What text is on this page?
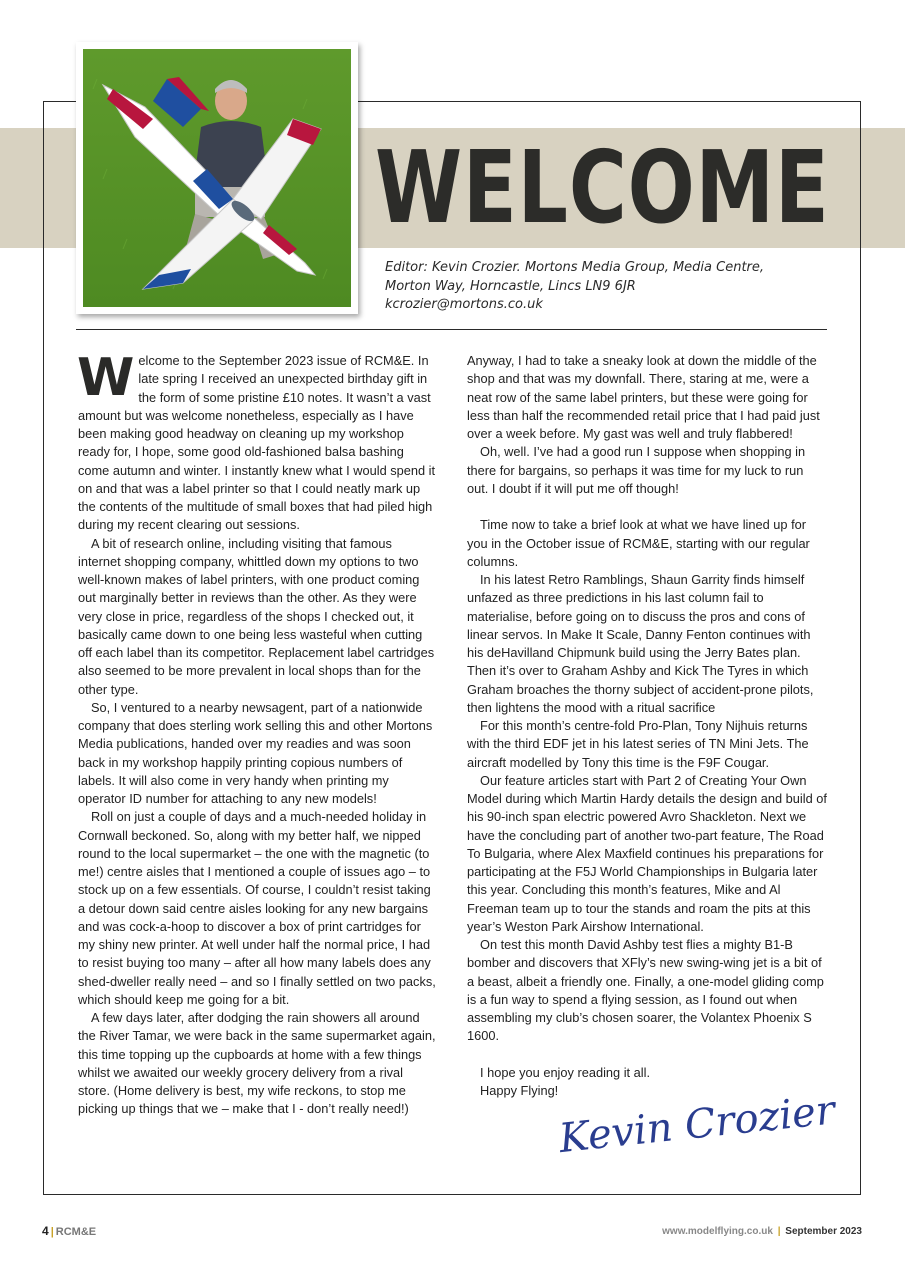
WELCOME
Editor: Kevin Crozier. Mortons Media Group, Media Centre,
Morton Way, Horncastle, Lincs LN9 6JR
kcrozier@mortons.co.uk

Welcome to the September 2023 issue of RCM&E. In late spring I received an unexpected birthday gift in the form of some pristine £10 notes. It wasn’t a vast amount but was welcome nonetheless, especially as I have been making good headway on cleaning up my workshop ready for, I hope, some good old-fashioned balsa bashing come autumn and winter. I instantly knew what I would spend it on and that was a label printer so that I could neatly mark up the contents of the multitude of small boxes that had piled high during my recent clearing out sessions.

A bit of research online, including visiting that famous internet shopping company, whittled down my options to two well-known makes of label printers, with one product coming out marginally better in reviews than the other. As they were very close in price, regardless of the shops I checked out, it basically came down to one being less wasteful when cutting off each label than its competitor. Replacement label cartridges also seemed to be more prevalent in local shops than for the other type.

So, I ventured to a nearby newsagent, part of a nationwide company that does sterling work selling this and other Mortons Media publications, handed over my readies and was soon back in my workshop happily printing copious numbers of labels. It will also come in very handy when printing my operator ID number for attaching to any new models!

Roll on just a couple of days and a much-needed holiday in Cornwall beckoned. So, along with my better half, we nipped round to the local supermarket – the one with the magnetic (to me!) centre aisles that I mentioned a couple of issues ago – to stock up on a few essentials. Of course, I couldn’t resist taking a detour down said centre aisles looking for any new bargains and was cock-a-hoop to discover a box of print cartridges for my shiny new printer. At well under half the normal price, I had to resist buying too many – after all how many labels does any shed-dweller really need – and so I finally settled on two packs, which should keep me going for a bit.

A few days later, after dodging the rain showers all around the River Tamar, we were back in the same supermarket again, this time topping up the cupboards at home with a few things whilst we awaited our weekly grocery delivery from a rival store. (Home delivery is best, my wife reckons, to stop me picking up things that we – make that I - don’t really need!)

Anyway, I had to take a sneaky look at down the middle of the shop and that was my downfall. There, staring at me, were a neat row of the same label printers, but these were going for less than half the recommended retail price that I had paid just over a week before. My gast was well and truly flabbered!

Oh, well. I’ve had a good run I suppose when shopping in there for bargains, so perhaps it was time for my luck to run out. I doubt if it will put me off though!

Time now to take a brief look at what we have lined up for you in the October issue of RCM&E, starting with our regular columns.

In his latest Retro Ramblings, Shaun Garrity finds himself unfazed as three predictions in his last column fail to materialise, before going on to discuss the pros and cons of linear servos. In Make It Scale, Danny Fenton continues with his deHavilland Chipmunk build using the Jerry Bates plan. Then it’s over to Graham Ashby and Kick The Tyres in which Graham broaches the thorny subject of accident-prone pilots, then lightens the mood with a ritual sacrifice

For this month’s centre-fold Pro-Plan, Tony Nijhuis returns with the third EDF jet in his latest series of TN Mini Jets. The aircraft modelled by Tony this time is the F9F Cougar.

Our feature articles start with Part 2 of Creating Your Own Model during which Martin Hardy details the design and build of his 90-inch span electric powered Avro Shackleton. Next we have the concluding part of another two-part feature, The Road To Bulgaria, where Alex Maxfield continues his preparations for participating at the F5J World Championships in Bulgaria later this year. Concluding this month’s features, Mike and Al Freeman team up to tour the stands and roam the pits at this year’s Weston Park Airshow International.

On test this month David Ashby test flies a mighty B1-B bomber and discovers that XFly’s new swing-wing jet is a bit of a beast, albeit a friendly one. Finally, a one-model gliding comp is a fun way to spend a flying session, as I found out when assembling my club’s chosen soarer, the Volantex Phoenix S 1600.

I hope you enjoy reading it all.

Happy Flying!

Kevin Crozier
4 | RCM&E	www.modelflying.co.uk | September 2023
